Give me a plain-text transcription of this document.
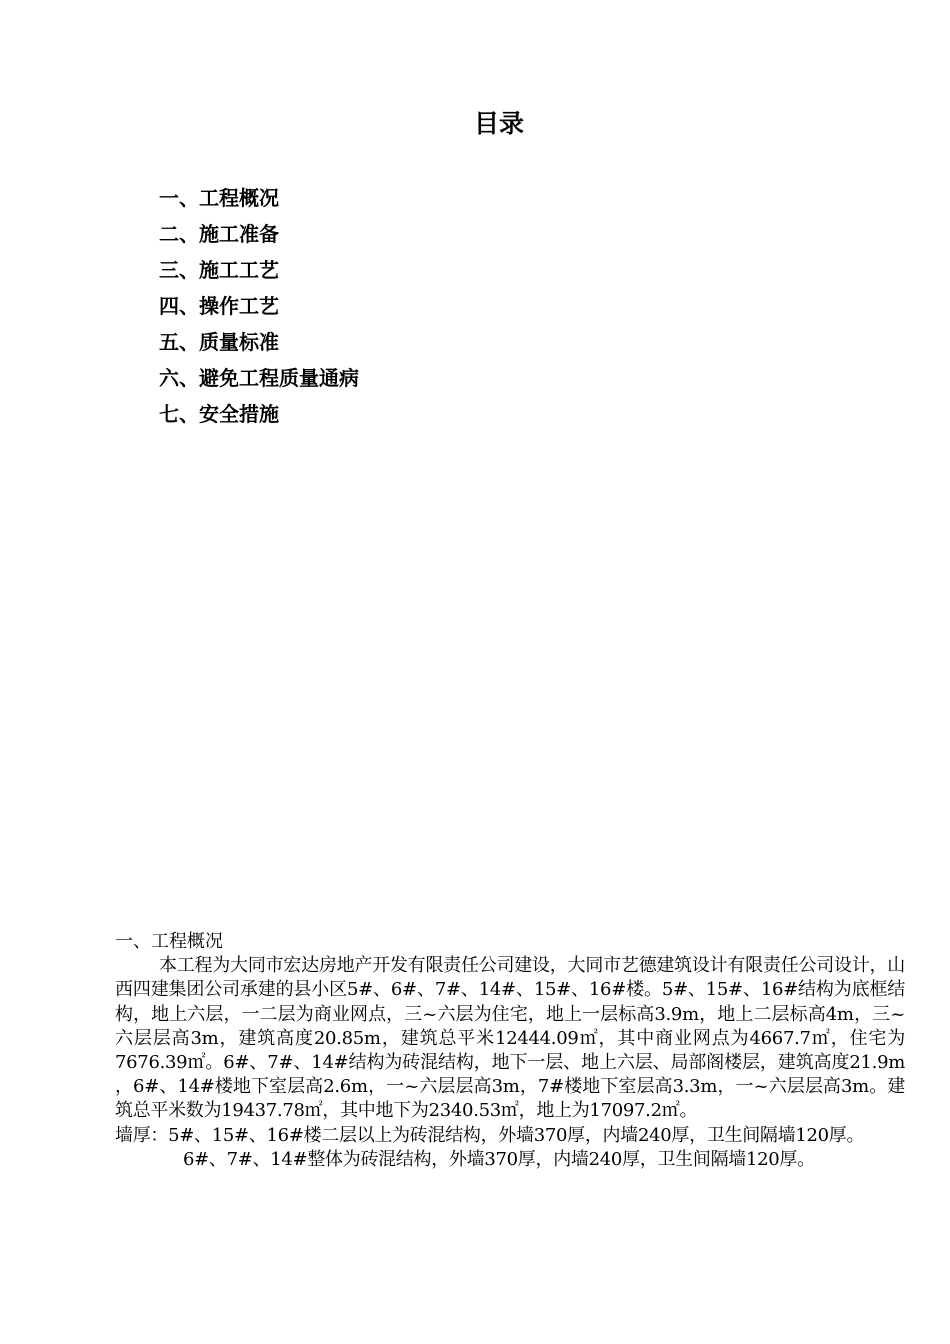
目录
一、工程概况
二、施工准备
三、施工工艺
四、操作工艺
五、质量标准
六、避免工程质量通病
七、安全措施
一、工程概况

本工程为大同市宏达房地产开发有限责任公司建设，大同市艺德建筑设计有限责任公司设计，山西四建集团公司承建的县小区5#、6#、7#、14#、15#、16#楼。5#、15#、16#结构为底框结构，地上六层，一二层为商业网点，三~六层为住宅，地上一层标高3.9m，地上二层标高4m，三~六层层高3m，建筑高度20.85m，建筑总平米12444.09㎡，其中商业网点为4667.7㎡，住宅为7676.39㎡。6#、7#、14#结构为砖混结构，地下一层、地上六层、局部阁楼层，建筑高度21.9m ，6#、14#楼地下室层高2.6m，一~六层层高3m，7#楼地下室层高3.3m，一~六层层高3m。建筑总平米数为19437.78㎡，其中地下为2340.53㎡，地上为17097.2㎡。

墙厚：5#、15#、16#楼二层以上为砖混结构，外墙370厚，内墙240厚，卫生间隔墙120厚。

6#、7#、14#整体为砖混结构，外墙370厚，内墙240厚，卫生间隔墙120厚。
